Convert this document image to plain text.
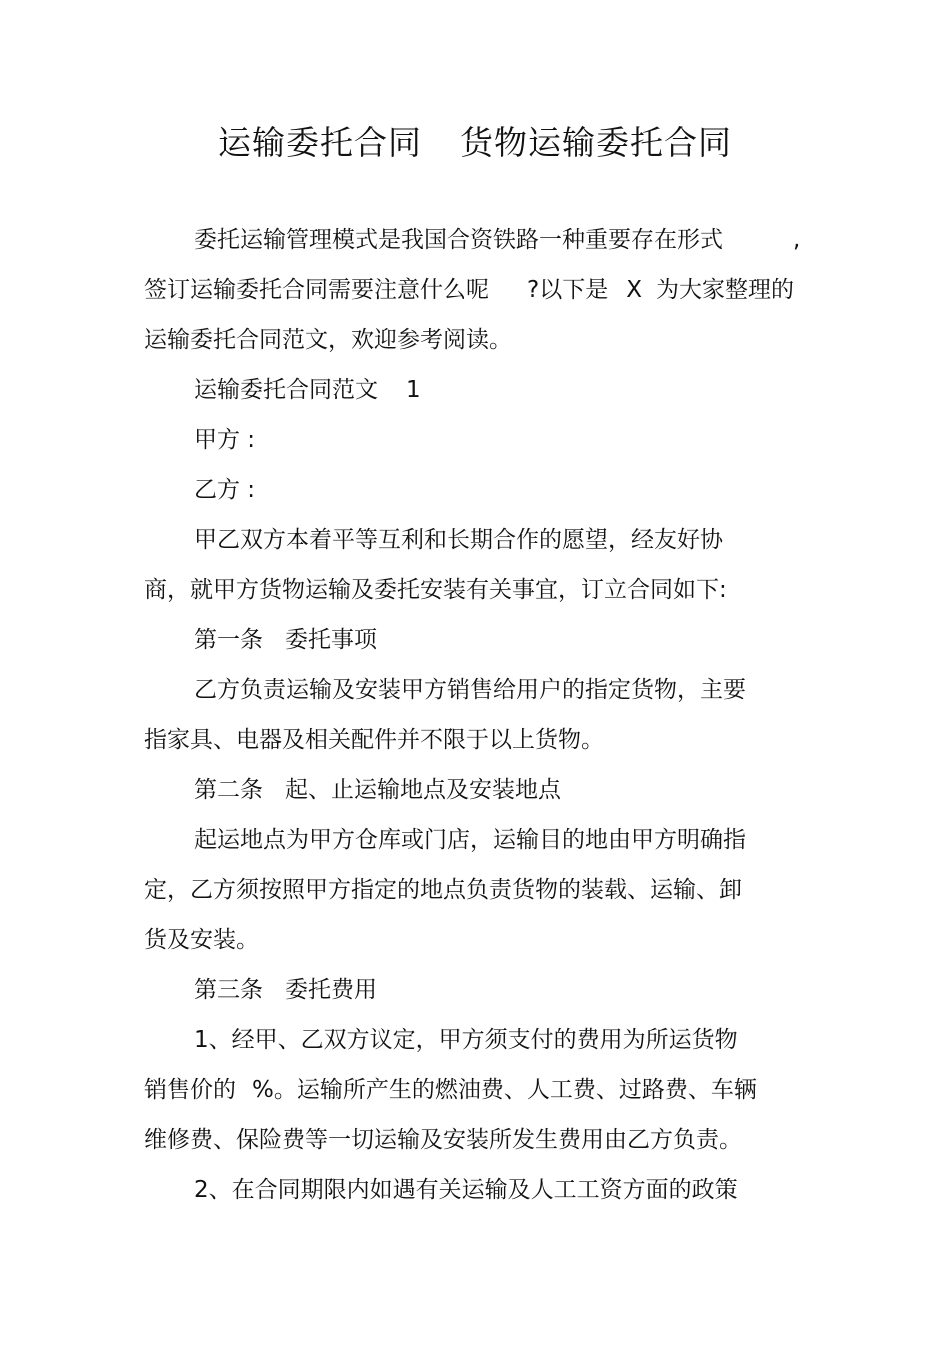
运输委托合同 货物运输委托合同
委托运输管理模式是我国合资铁路一种重要存在形式	,
签订运输委托合同需要注意什么呢 ?以下是 X 为大家整理的
运输委托合同范文，欢迎参考阅读。
运输委托合同范文 1
甲方 :
乙方 :
甲乙双方本着平等互利和长期合作的愿望，经友好协
商，就甲方货物运输及委托安装有关事宜，订立合同如下:
第一条 委托事项
乙方负责运输及安装甲方销售给用户的指定货物，主要
指家具、电器及相关配件并不限于以上货物。
第二条 起、止运输地点及安装地点
起运地点为甲方仓库或门店，运输目的地由甲方明确指
定，乙方须按照甲方指定的地点负责货物的装载、运输、卸
货及安装。
第三条 委托费用
1、经甲、乙双方议定，甲方须支付的费用为所运货物
销售价的 %。运输所产生的燃油费、人工费、过路费、车辆
维修费、保险费等一切运输及安装所发生费用由乙方负责。
2、在合同期限内如遇有关运输及人工工资方面的政策
